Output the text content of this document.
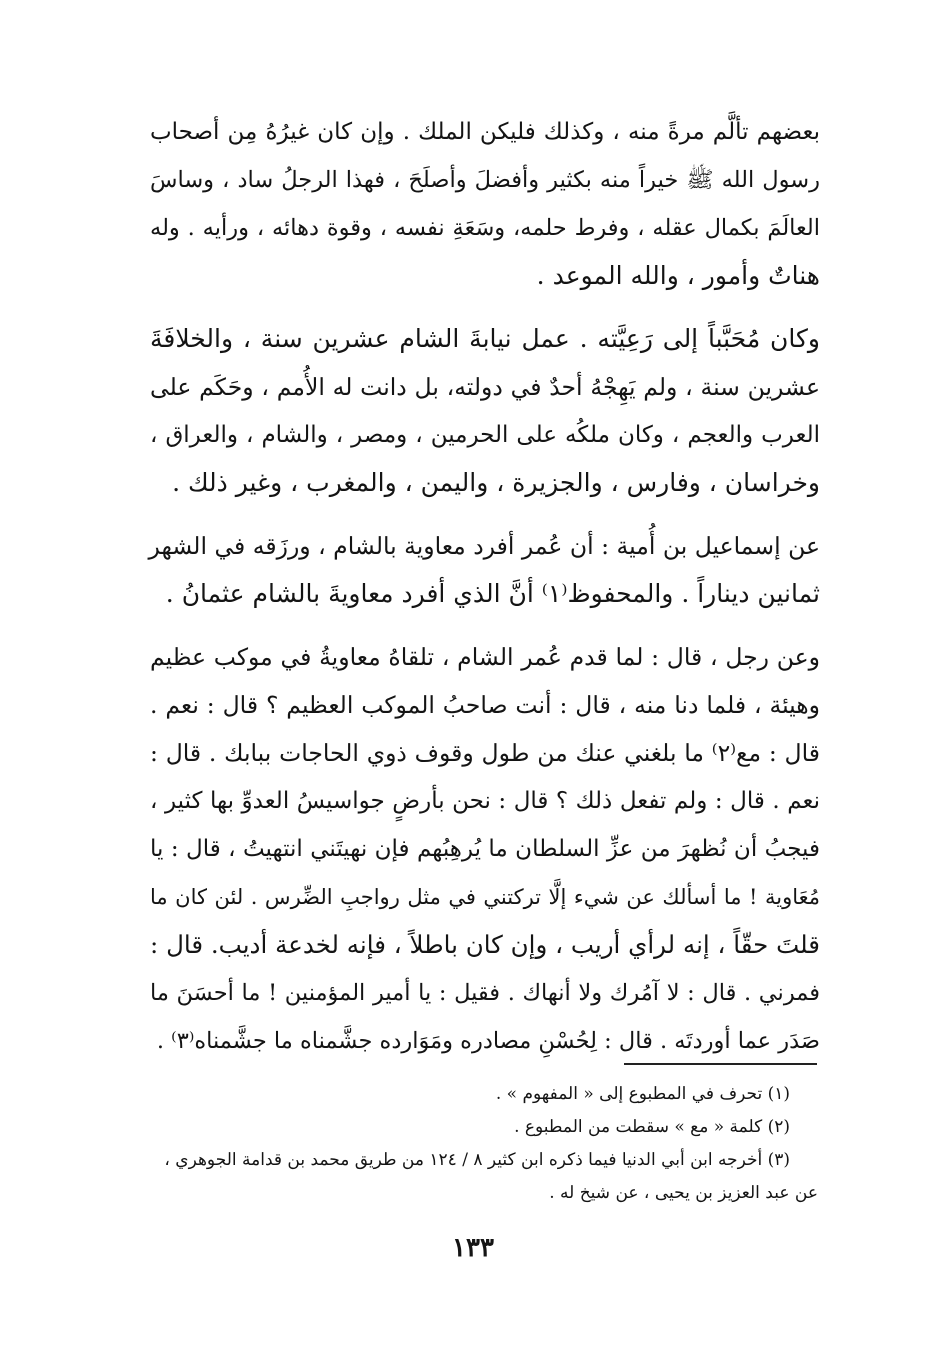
بعضهم تألَّم مرةً منه ، وكذلك فليكن الملك . وإن كان غيرُهُ مِن أصحاب
رسول الله ﷺ خيراً منه بكثير وأفضلَ وأصلَحَ ، فهذا الرجلُ ساد ، وساسَ
العالَمَ بكمال عقله ، وفرط حلمه، وسَعَةِ نفسه ، وقوة دهائه ، ورأيه . وله
هناتٌ وأمور ، والله الموعد .
وكان مُحَبَّباً إلى رَعِيَّته . عمل نيابةَ الشام عشرين سنة ، والخلافَةَ
عشرين سنة ، ولم يَهِجْهُ أحدٌ في دولته، بل دانت له الأُمم ، وحَكَم على
العرب والعجم ، وكان ملكُه على الحرمين ، ومصر ، والشام ، والعراق ،
وخراسان ، وفارس ، والجزيرة ، واليمن ، والمغرب ، وغير ذلك .
عن إسماعيل بن أُمية : أن عُمر أفرد معاوية بالشام ، ورزَقه في الشهر
ثمانين ديناراً . والمحفوظ⁽١⁾ أنَّ الذي أفرد معاويةَ بالشام عثمانُ .
وعن رجل ، قال : لما قدم عُمر الشام ، تلقاهُ معاويةُ في موكب عظيم
وهيئة ، فلما دنا منه ، قال : أنت صاحبُ الموكب العظيم ؟ قال : نعم .
قال : مع⁽٢⁾ ما بلغني عنك من طول وقوف ذوي الحاجات ببابك . قال :
نعم . قال : ولم تفعل ذلك ؟ قال : نحن بأرضٍ جواسيسُ العدوِّ بها كثير ،
فيجبُ أن نُظهرَ من عزِّ السلطان ما يُرهِبُهم فإن نهيتَني انتهيتُ ، قال : يا
مُعَاوية ! ما أسألك عن شيء إلَّا تركتني في مثل رواجبِ الضِّرس . لئن كان ما
قلتَ حقّاً ، إنه لرأي أريب ، وإن كان باطلاً ، فإنه لخدعة أديب. قال :
فمرني . قال : لا آمُرك ولا أنهاك . فقيل : يا أمير المؤمنين ! ما أحسَنَ ما
صَدَر عما أوردتَه . قال : لِحُسْنِ مصادره ومَوَارده جشَّمناه ما جشَّمناه⁽٣⁾ .
(١) تحرف في المطبوع إلى « المفهوم » .
(٢) كلمة « مع » سقطت من المطبوع .
(٣) أخرجه ابن أبي الدنيا فيما ذكره ابن كثير ٨ / ١٢٤ من طريق محمد بن قدامة الجوهري ،
عن عبد العزيز بن يحيى ، عن شيخ له .
١٣٣
